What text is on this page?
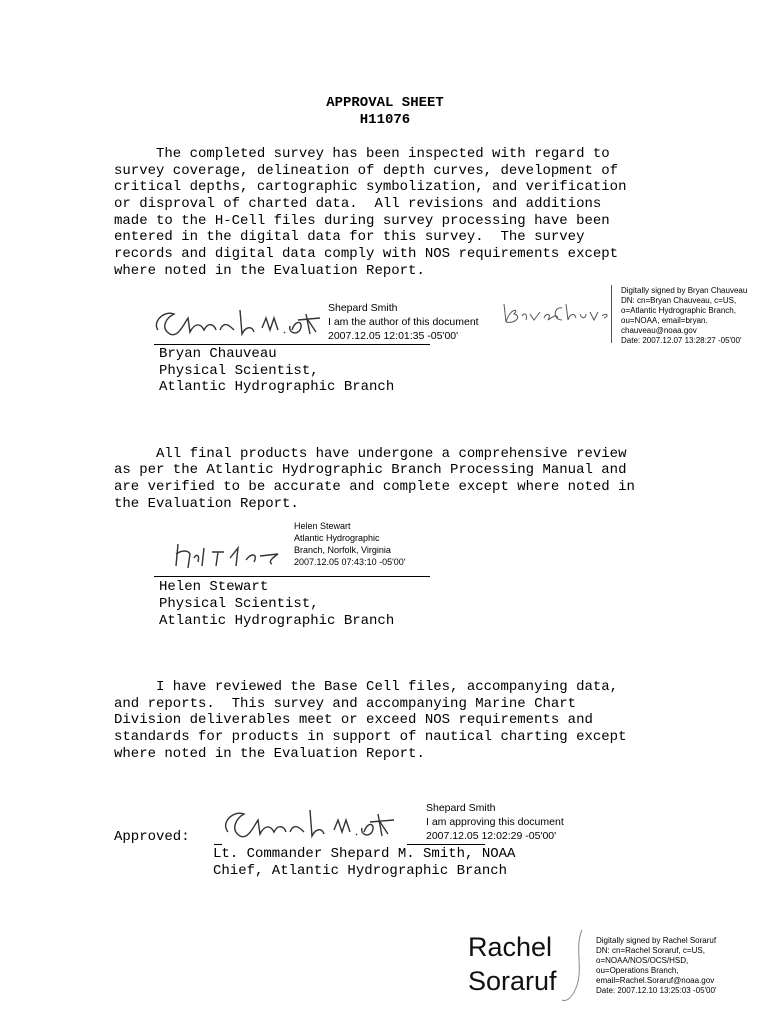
APPROVAL SHEET
H11076
The completed survey has been inspected with regard to
survey coverage, delineation of depth curves, development of
critical depths, cartographic symbolization, and verification
or disproval of charted data.  All revisions and additions
made to the H-Cell files during survey processing have been
entered in the digital data for this survey.  The survey
records and digital data comply with NOS requirements except
where noted in the Evaluation Report.
Shepard Smith
I am the author of this document
2007.12.05 12:01:35 -05'00'
Digitally signed by Bryan Chauveau
DN: cn=Bryan Chauveau, c=US,
o=Atlantic Hydrographic Branch,
ou=NOAA, email=bryan.
chauveau@noaa.gov
Date: 2007.12.07 13:28:27 -05'00'
Bryan Chauveau
Physical Scientist,
Atlantic Hydrographic Branch
All final products have undergone a comprehensive review
as per the Atlantic Hydrographic Branch Processing Manual and
are verified to be accurate and complete except where noted in
the Evaluation Report.
Helen Stewart
Atlantic Hydrographic
Branch, Norfolk, Virginia
2007.12.05 07:43:10 -05'00'
Helen Stewart
Physical Scientist,
Atlantic Hydrographic Branch
I have reviewed the Base Cell files, accompanying data,
and reports.  This survey and accompanying Marine Chart
Division deliverables meet or exceed NOS requirements and
standards for products in support of nautical charting except
where noted in the Evaluation Report.
Approved:
Shepard Smith
I am approving this document
2007.12.05 12:02:29 -05'00'
Lt. Commander Shepard M. Smith, NOAA
Chief, Atlantic Hydrographic Branch
Rachel
Soraruf
Digitally signed by Rachel Soraruf
DN: cn=Rachel Soraruf, c=US,
o=NOAA/NOS/OCS/HSD,
ou=Operations Branch,
email=Rachel.Soraruf@noaa.gov
Date: 2007.12.10 13:25:03 -05'00'
